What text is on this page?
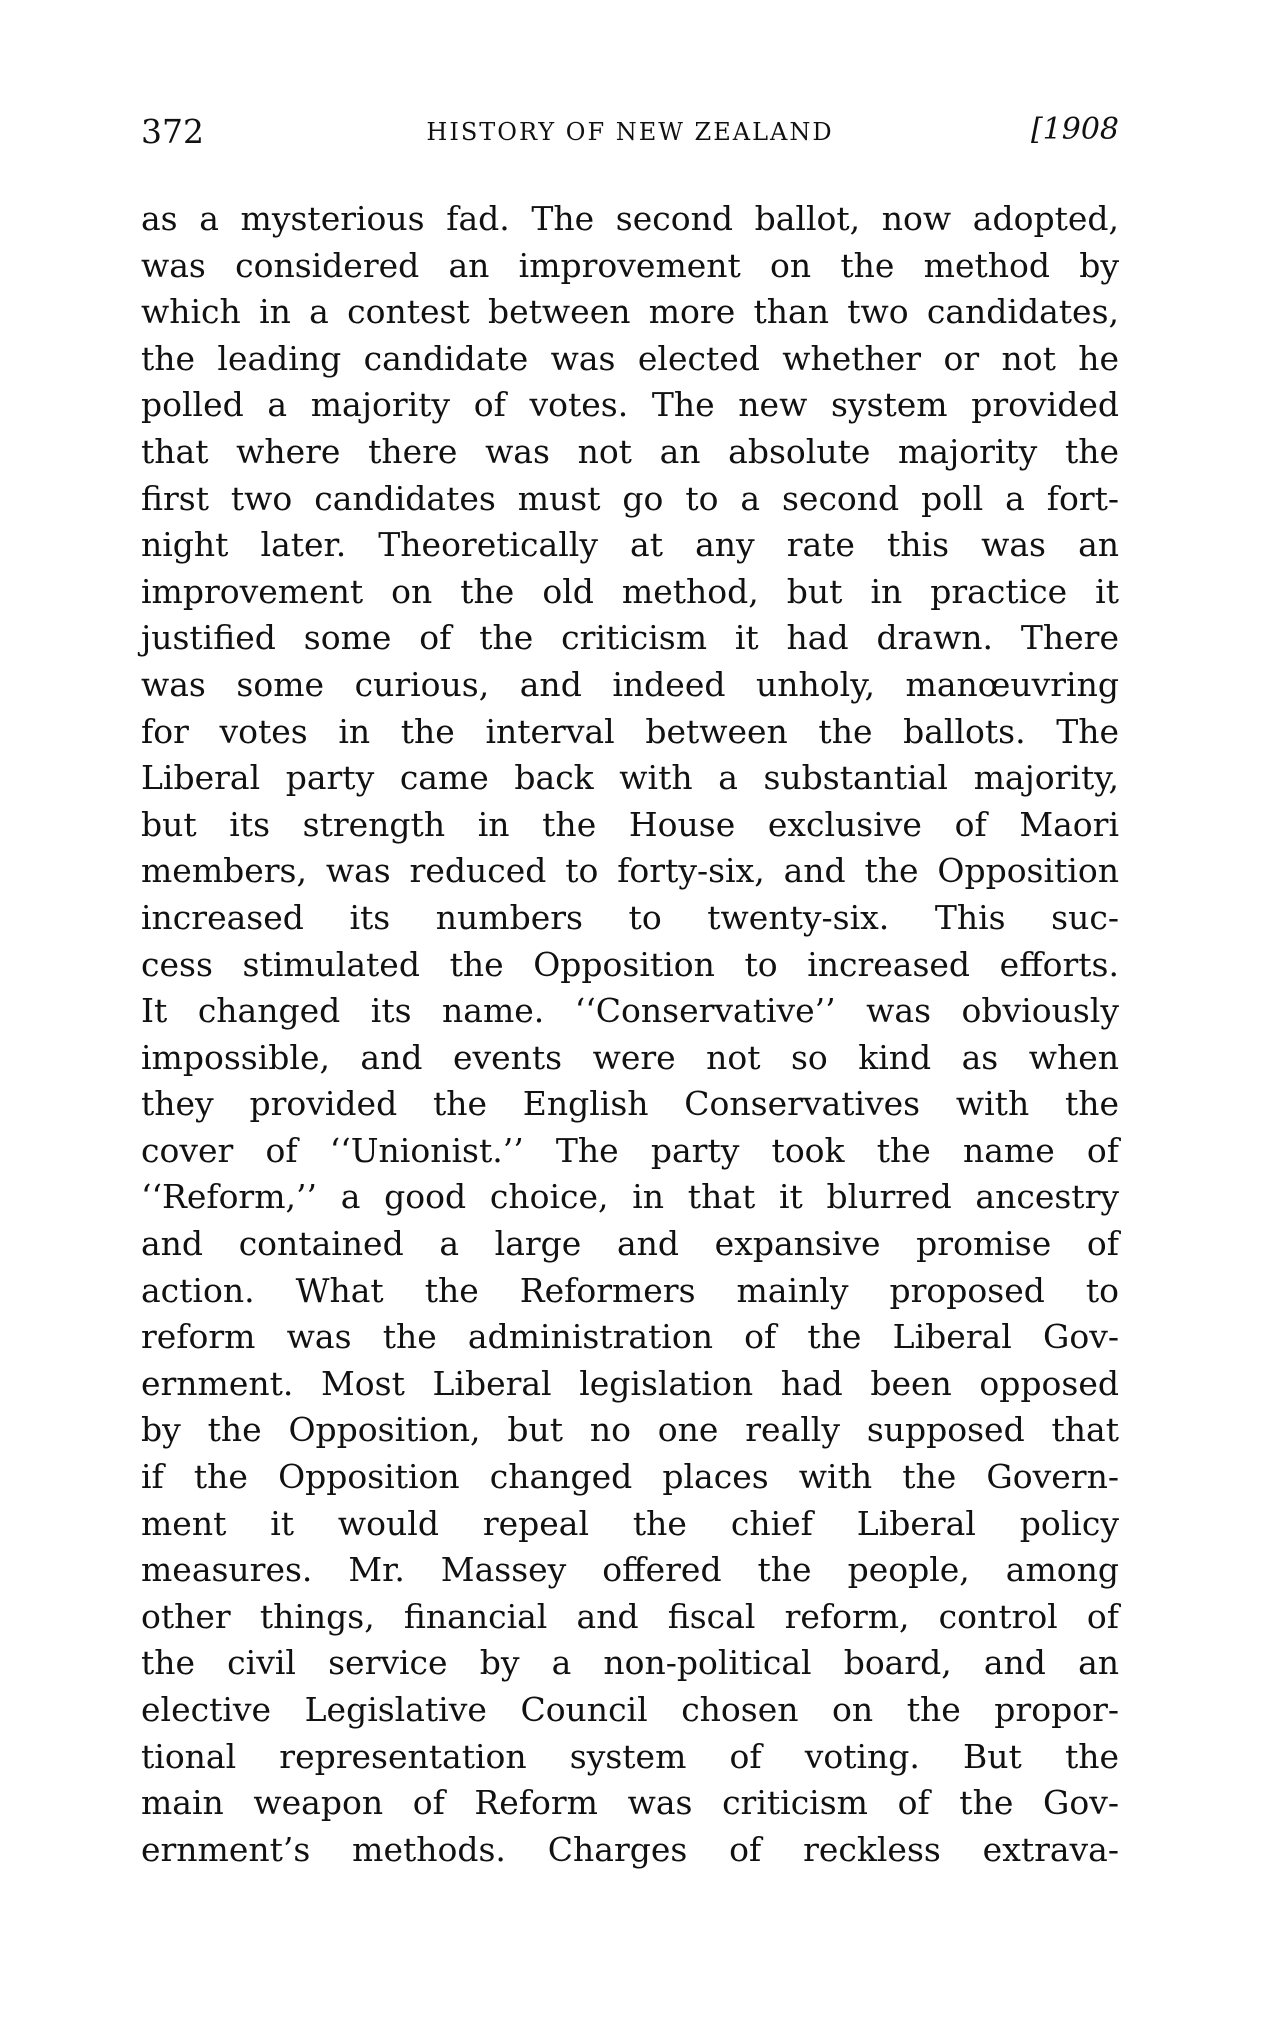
372	HISTORY OF NEW ZEALAND	[1908
as a mysterious fad. The second ballot, now adopted,
was considered an improvement on the method by
which in a contest between more than two candidates,
the leading candidate was elected whether or not he
polled a majority of votes. The new system provided
that where there was not an absolute majority the
first two candidates must go to a second poll a fort-
night later. Theoretically at any rate this was an
improvement on the old method, but in practice it
justified some of the criticism it had drawn. There
was some curious, and indeed unholy, manœuvring
for votes in the interval between the ballots. The
Liberal party came back with a substantial majority,
but its strength in the House exclusive of Maori
members, was reduced to forty-six, and the Opposition
increased its numbers to twenty-six. This suc-
cess stimulated the Opposition to increased efforts.
It changed its name. ‘‘Conservative’’ was obviously
impossible, and events were not so kind as when
they provided the English Conservatives with the
cover of ‘‘Unionist.’’ The party took the name of
‘‘Reform,’’ a good choice, in that it blurred ancestry
and contained a large and expansive promise of
action. What the Reformers mainly proposed to
reform was the administration of the Liberal Gov-
ernment. Most Liberal legislation had been opposed
by the Opposition, but no one really supposed that
if the Opposition changed places with the Govern-
ment it would repeal the chief Liberal policy
measures. Mr. Massey offered the people, among
other things, financial and fiscal reform, control of
the civil service by a non-political board, and an
elective Legislative Council chosen on the propor-
tional representation system of voting. But the
main weapon of Reform was criticism of the Gov-
ernment’s methods. Charges of reckless extrava-
